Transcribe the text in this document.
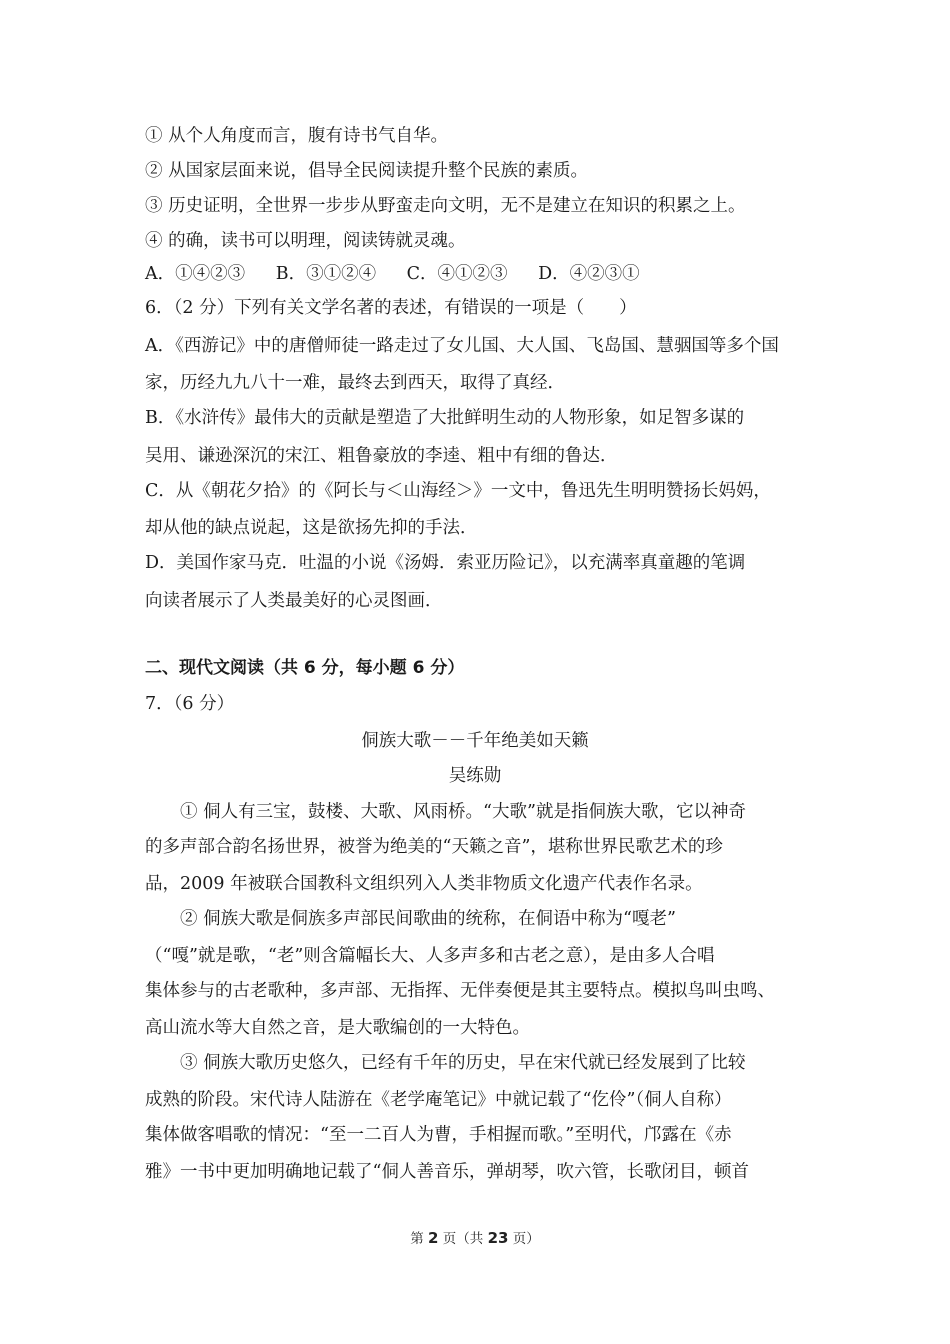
① 从个人角度而言，腹有诗书气自华。
② 从国家层面来说，倡导全民阅读提升整个民族的素质。
③ 历史证明，全世界一步步从野蛮走向文明，无不是建立在知识的积累之上。
④ 的确，读书可以明理，阅读铸就灵魂。
A．①④②③ B．③①②④ C．④①②③ D．④②③①
6．（2 分）下列有关文学名著的表述，有错误的一项是（　　）
A．《西游记》中的唐僧师徒一路走过了女儿国、大人国、飞岛国、慧骃国等多个国
家，历经九九八十一难，最终去到西天，取得了真经．
B．《水浒传》最伟大的贡献是塑造了大批鲜明生动的人物形象，如足智多谋的
吴用、谦逊深沉的宋江、粗鲁豪放的李逵、粗中有细的鲁达．
C．从《朝花夕拾》的《阿长与＜山海经＞》一文中，鲁迅先生明明赞扬长妈妈，
却从他的缺点说起，这是欲扬先抑的手法．
D．美国作家马克．吐温的小说《汤姆．索亚历险记》，以充满率真童趣的笔调
向读者展示了人类最美好的心灵图画．
二、现代文阅读（共 6 分，每小题 6 分）
7．（6 分）
侗族大歌－－千年绝美如天籁
吴练勋
① 侗人有三宝，鼓楼、大歌、风雨桥。“大歌”就是指侗族大歌，它以神奇
的多声部合韵名扬世界，被誉为绝美的“天籁之音”，堪称世界民歌艺术的珍
品，2009 年被联合国教科文组织列入人类非物质文化遗产代表作名录。
② 侗族大歌是侗族多声部民间歌曲的统称，在侗语中称为“嘎老”
（“嘎”就是歌，“老”则含篇幅长大、人多声多和古老之意），是由多人合唱
集体参与的古老歌种，多声部、无指挥、无伴奏便是其主要特点。模拟鸟叫虫鸣、
高山流水等大自然之音，是大歌编创的一大特色。
③ 侗族大歌历史悠久，已经有千年的历史，早在宋代就已经发展到了比较
成熟的阶段。宋代诗人陆游在《老学庵笔记》中就记载了“仡伶”（侗人自称）
集体做客唱歌的情况：“至一二百人为曹，手相握而歌。”至明代，邝露在《赤
雅》一书中更加明确地记载了“侗人善音乐，弹胡琴，吹六管，长歌闭目，顿首
第 2 页（共 23 页）
